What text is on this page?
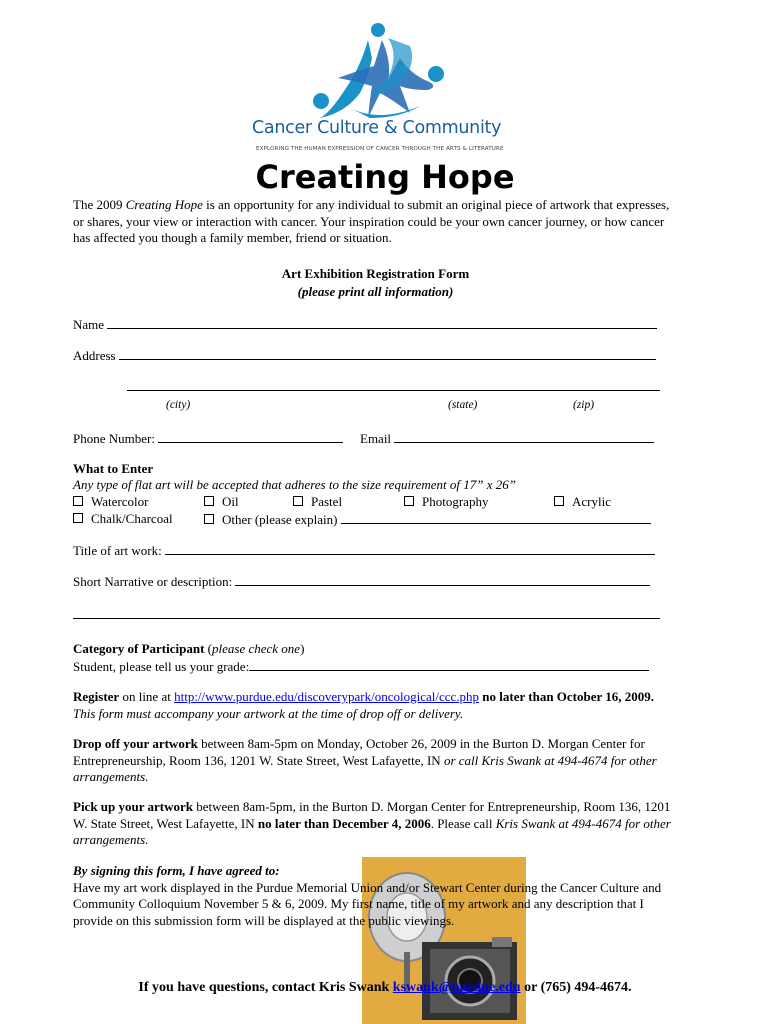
Cancer Culture & Community
EXPLORING THE HUMAN EXPRESSION OF CANCER THROUGH THE ARTS & LITERATURE
Creating Hope
The 2009 Creating Hope is an opportunity for any individual to submit an original piece of artwork that expresses, or shares, your view or interaction with cancer. Your inspiration could be your own cancer journey, or how cancer has affected you though a family member, friend or situation.
Art Exhibition Registration Form
(please print all information)
Name
Address
(city)	(state)	(zip)
Phone Number:	Email
What to Enter
Any type of flat art will be accepted that adheres to the size requirement of 17” x 26”
Watercolor	Oil	Pastel	Photography	Acrylic
Chalk/Charcoal	Other (please explain)
Title of art work:
Short Narrative or description:
Category of Participant (please check one)
Student, please tell us your grade:
Register on line at http://www.purdue.edu/discoverypark/oncological/ccc.php no later than October 16, 2009.
This form must accompany your artwork at the time of drop off or delivery.
Drop off your artwork between 8am-5pm on Monday, October 26, 2009 in the Burton D. Morgan Center for Entrepreneurship, Room 136, 1201 W. State Street, West Lafayette, IN or call Kris Swank at 494-4674 for other arrangements.
Pick up your artwork between 8am-5pm, in the Burton D. Morgan Center for Entrepreneurship, Room 136, 1201 W. State Street, West Lafayette, IN no later than December 4, 2006. Please call Kris Swank at 494-4674 for other arrangements.
By signing this form, I have agreed to:
Have my art work displayed in the Purdue Memorial Union and/or Stewart Center during the Cancer Culture and Community Colloquium November 5 & 6, 2009. My first name, title of my artwork and any description that I provide on this submission form will be displayed at the public viewings.
If you have questions, contact Kris Swank kswank@purdue.edu or (765) 494-4674.
